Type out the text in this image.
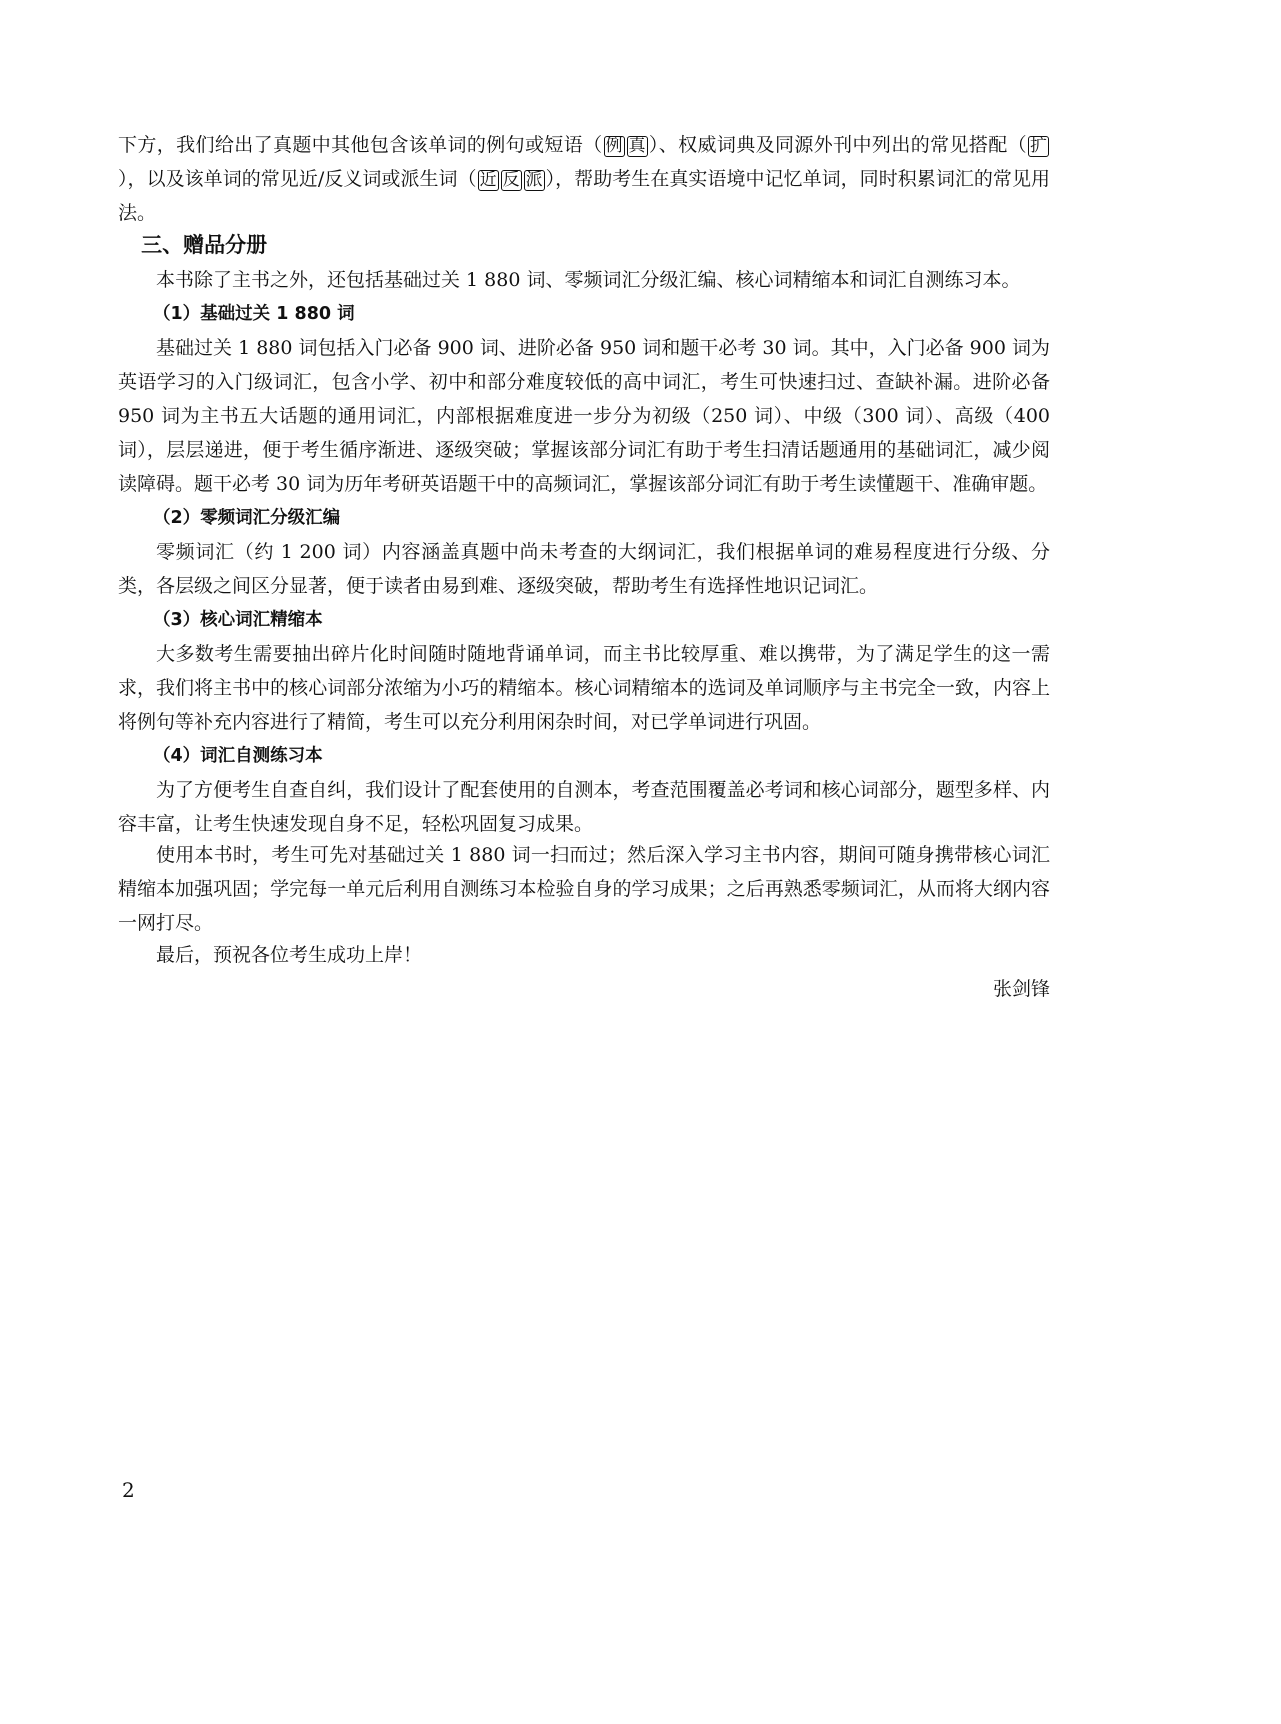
下方，我们给出了真题中其他包含该单词的例句或短语（ 例 真 ）、权威词典及同源外刊中列出的常见搭配（ 扩），以及该单词的常见近/反义词或派生词（ 近 反 派 ），帮助考生在真实语境中记忆单词，同时积累词汇的常见用法。

三、赠品分册

本书除了主书之外，还包括基础过关 1 880 词、零频词汇分级汇编、核心词精缩本和词汇自测练习本。

（1）基础过关 1 880 词

基础过关 1 880 词包括入门必备 900 词、进阶必备 950 词和题干必考 30 词。其中，入门必备 900 词为英语学习的入门级词汇，包含小学、初中和部分难度较低的高中词汇，考生可快速扫过、查缺补漏。进阶必备 950 词为主书五大话题的通用词汇，内部根据难度进一步分为初级（250 词）、中级（300 词）、高级（400 词），层层递进，便于考生循序渐进、逐级突破；掌握该部分词汇有助于考生扫清话题通用的基础词汇，减少阅读障碍。题干必考 30 词为历年考研英语题干中的高频词汇，掌握该部分词汇有助于考生读懂题干、准确审题。

（2）零频词汇分级汇编

零频词汇（约 1 200 词）内容涵盖真题中尚未考查的大纲词汇，我们根据单词的难易程度进行分级、分类，各层级之间区分显著，便于读者由易到难、逐级突破，帮助考生有选择性地识记词汇。

（3）核心词汇精缩本

大多数考生需要抽出碎片化时间随时随地背诵单词，而主书比较厚重、难以携带，为了满足学生的这一需求，我们将主书中的核心词部分浓缩为小巧的精缩本。核心词精缩本的选词及单词顺序与主书完全一致，内容上将例句等补充内容进行了精简，考生可以充分利用闲杂时间，对已学单词进行巩固。

（4）词汇自测练习本

为了方便考生自查自纠，我们设计了配套使用的自测本，考查范围覆盖必考词和核心词部分，题型多样、内容丰富，让考生快速发现自身不足，轻松巩固复习成果。

使用本书时，考生可先对基础过关 1 880 词一扫而过；然后深入学习主书内容，期间可随身携带核心词汇精缩本加强巩固；学完每一单元后利用自测练习本检验自身的学习成果；之后再熟悉零频词汇，从而将大纲内容一网打尽。

最后，预祝各位考生成功上岸！

张剑锋
2
